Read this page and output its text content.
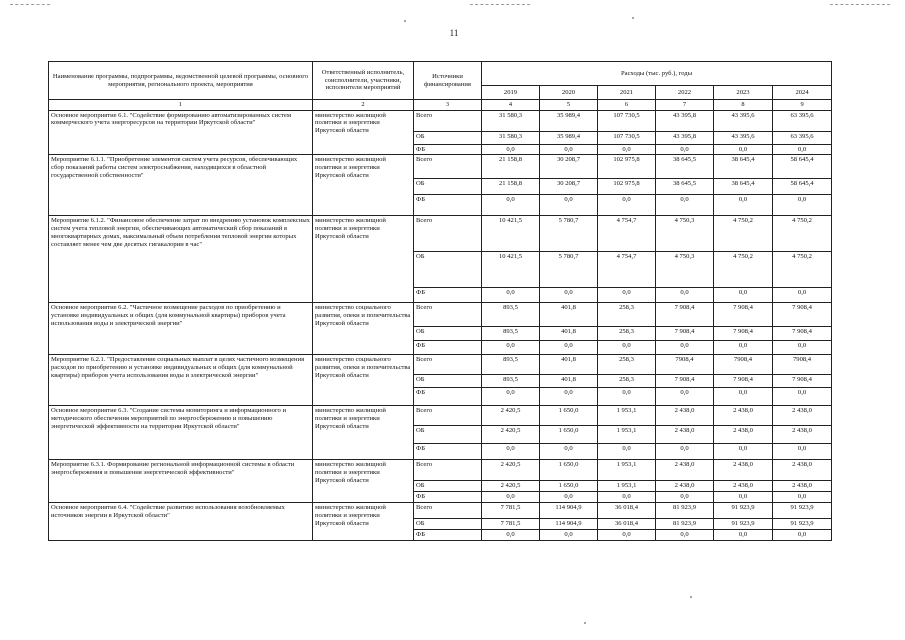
11
Наименование программы, подпрограммы, ведомственной целевой программы, основного мероприятия, регионального проекта, мероприятия	Ответственный исполнитель, соисполнители, участники, исполнители мероприятий	Источники финансирования	Расходы (тыс. руб.), годы					
			2019	2020	2021	2022	2023	2024
1	2	3	4	5	6	7	8	9
Основное мероприятие 6.1. "Содействие формированию автоматизированных систем коммерческого учета энергоресурсов на территории Иркутской области"	министерство жилищной политики и энергетики Иркутской области	Всего	31 580,3	35 989,4	107 730,5	43 395,8	43 395,6	63 395,6
		ОБ	31 580,3	35 989,4	107 730,5	43 395,8	43 395,6	63 395,6
		ФБ	0,0	0,0	0,0	0,0	0,0	0,0
Мероприятие 6.1.1. "Приобретение элементов систем учета ресурсов, обеспечивающих сбор показаний работы систем электроснабжения, находящихся в областной государственной собственности"	министерство жилищной политики и энергетики Иркутской области	Всего	21 158,8	30 208,7	102 975,8	38 645,5	38 645,4	58 645,4
		ОБ	21 158,8	30 208,7	102 975,8	38 645,5	38 645,4	58 645,4
		ФБ	0,0	0,0	0,0	0,0	0,0	0,0
Мероприятие 6.1.2. "Финансовое обеспечение затрат по внедрению установок комплексных систем учета тепловой энергии, обеспечивающих автоматический сбор показаний в многоквартирных домах, максимальный объем потребления тепловой энергии которых составляет менее чем две десятых гигакалории в час"	министерство жилищной политики и энергетики Иркутской области	Всего	10 421,5	5 780,7	4 754,7	4 750,3	4 750,2	4 750,2
		ОБ	10 421,5	5 780,7	4 754,7	4 750,3	4 750,2	4 750,2
		ФБ	0,0	0,0	0,0	0,0	0,0	0,0
Основное мероприятие 6.2. "Частичное возмещение расходов по приобретению и установке индивидуальных и общих (для коммунальной квартиры) приборов учета использования воды и электрической энергии"	министерство социального развития, опеки и попечительства Иркутской области	Всего	893,5	401,8	258,3	7 908,4	7 908,4	7 908,4
		ОБ	893,5	401,8	258,3	7 908,4	7 908,4	7 908,4
		ФБ	0,0	0,0	0,0	0,0	0,0	0,0
Мероприятие 6.2.1. "Предоставление социальных выплат в целях частичного возмещения расходов по приобретению и установке индивидуальных и общих (для коммунальной квартиры) приборов учета использования воды и электрической энергии"	министерство социального развития, опеки и попечительства Иркутской области	Всего	893,5	401,8	258,3	7908,4	7908,4	7908,4
		ОБ	893,5	401,8	258,3	7 908,4	7 908,4	7 908,4
		ФБ	0,0	0,0	0,0	0,0	0,0	0,0
Основное мероприятие 6.3. "Создание системы мониторинга и информационного и методического обеспечения мероприятий по энергосбережению и повышению энергетической эффективности на территории Иркутской области"	министерство жилищной политики и энергетики Иркутской области	Всего	2 420,5	1 650,0	1 953,1	2 438,0	2 438,0	2 438,0
		ОБ	2 420,5	1 650,0	1 953,1	2 438,0	2 438,0	2 438,0
		ФБ	0,0	0,0	0,0	0,0	0,0	0,0
Мероприятие 6.3.1. Формирование региональной информационной системы в области энергосбережения и повышения энергетической эффективности"	министерство жилищной политики и энергетики Иркутской области	Всего	2 420,5	1 650,0	1 953,1	2 438,0	2 438,0	2 438,0
		ОБ	2 420,5	1 650,0	1 953,1	2 438,0	2 438,0	2 438,0
		ФБ	0,0	0,0	0,0	0,0	0,0	0,0
Основное мероприятие 6.4. "Содействие развитию использования возобновляемых источников энергии в Иркутской области"	министерство жилищной политики и энергетики Иркутской области	Всего	7 781,5	114 904,9	36 018,4	81 923,9	91 923,9	91 923,9
		ОБ	7 781,5	114 904,9	36 018,4	81 923,9	91 923,9	91 923,9
		ФБ	0,0	0,0	0,0	0,0	0,0	0,0
